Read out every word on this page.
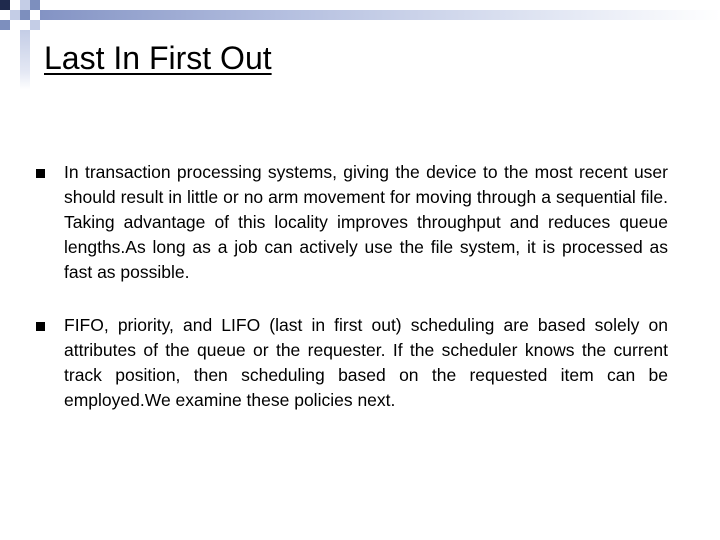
Last In First Out
In transaction processing systems, giving the device to the most recent user should result in little or no arm movement for moving through a sequential file. Taking advantage of this locality improves throughput and reduces queue lengths.As long as a job can actively use the file system, it is processed as fast as possible.
FIFO, priority, and LIFO (last in first out) scheduling are based solely on attributes of the queue or the requester. If the scheduler knows the current track position, then scheduling based on the requested item can be employed.We examine these policies next.
